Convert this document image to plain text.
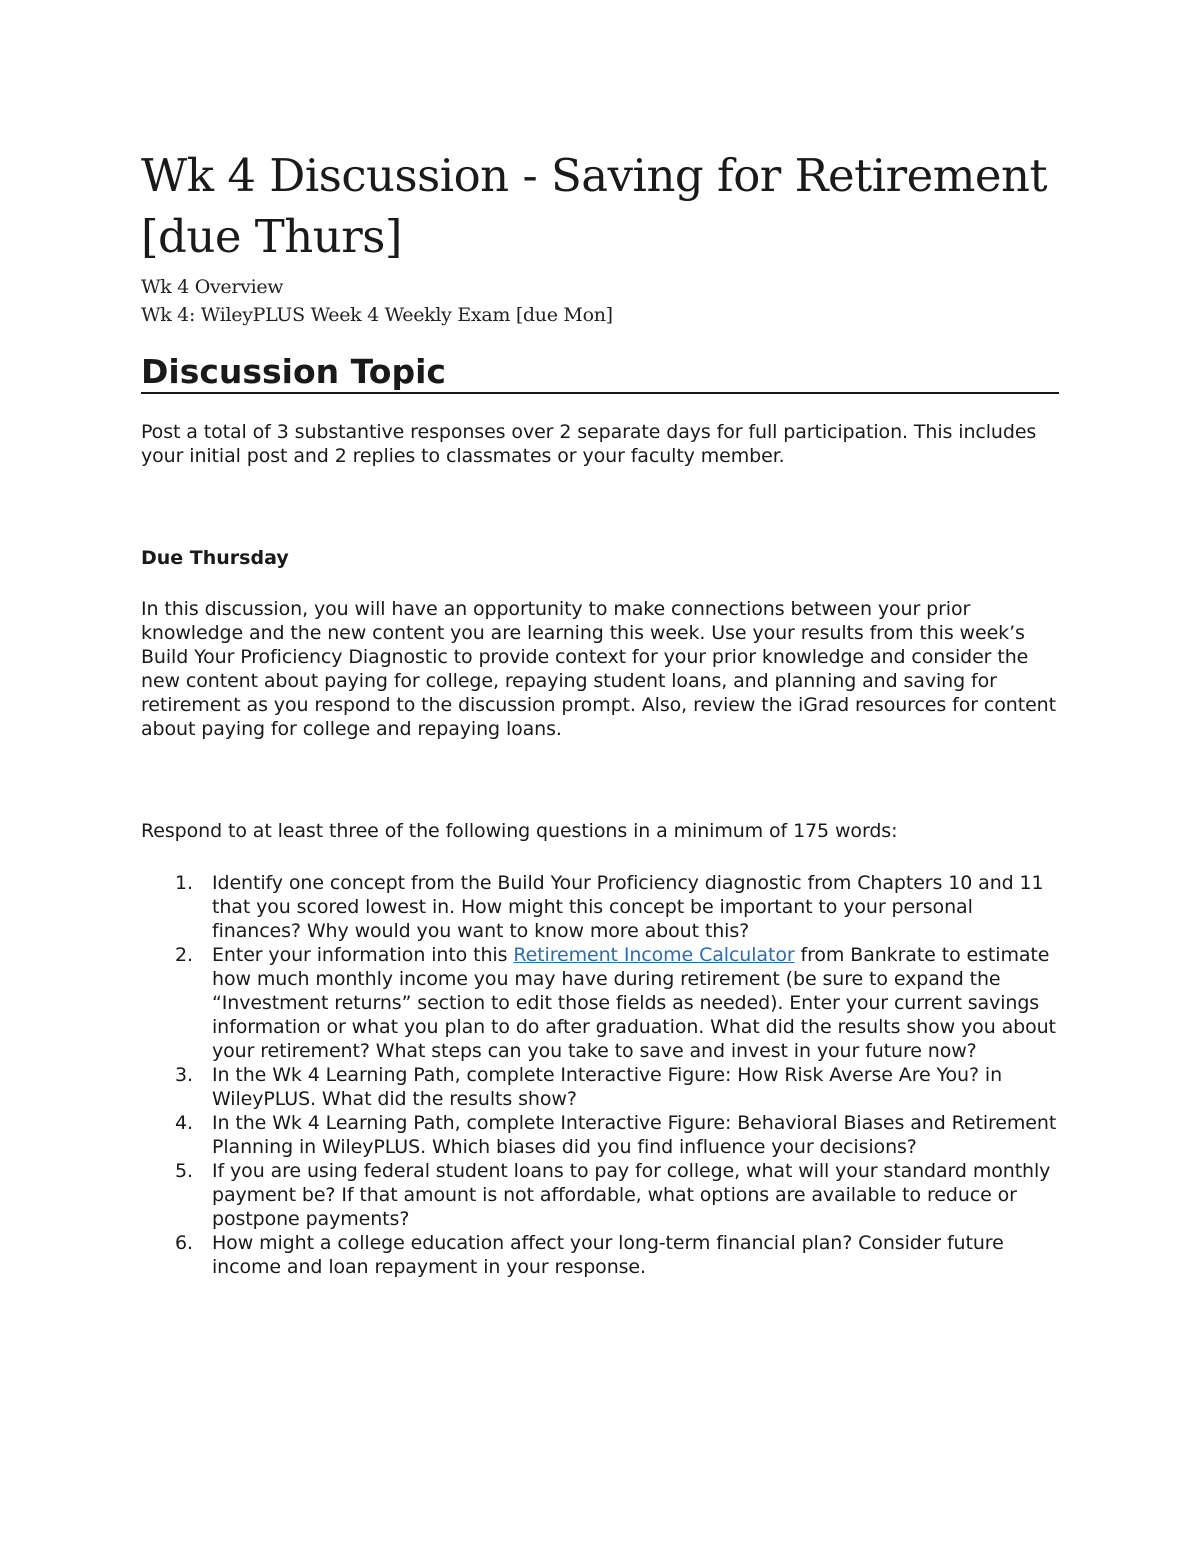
Wk 4 Discussion - Saving for Retirement [due Thurs]
Wk 4 Overview
Wk 4: WileyPLUS Week 4 Weekly Exam [due Mon]
Discussion Topic

Post a total of 3 substantive responses over 2 separate days for full participation. This includes your initial post and 2 replies to classmates or your faculty member.

Due Thursday

In this discussion, you will have an opportunity to make connections between your prior knowledge and the new content you are learning this week. Use your results from this week’s Build Your Proficiency Diagnostic to provide context for your prior knowledge and consider the new content about paying for college, repaying student loans, and planning and saving for retirement as you respond to the discussion prompt. Also, review the iGrad resources for content about paying for college and repaying loans.

Respond to at least three of the following questions in a minimum of 175 words:

1. Identify one concept from the Build Your Proficiency diagnostic from Chapters 10 and 11 that you scored lowest in. How might this concept be important to your personal finances? Why would you want to know more about this?
2. Enter your information into this Retirement Income Calculator from Bankrate to estimate how much monthly income you may have during retirement (be sure to expand the “Investment returns” section to edit those fields as needed). Enter your current savings information or what you plan to do after graduation. What did the results show you about your retirement? What steps can you take to save and invest in your future now?
3. In the Wk 4 Learning Path, complete Interactive Figure: How Risk Averse Are You? in WileyPLUS. What did the results show?
4. In the Wk 4 Learning Path, complete Interactive Figure: Behavioral Biases and Retirement Planning in WileyPLUS. Which biases did you find influence your decisions?
5. If you are using federal student loans to pay for college, what will your standard monthly payment be? If that amount is not affordable, what options are available to reduce or postpone payments?
6. How might a college education affect your long-term financial plan? Consider future income and loan repayment in your response.
